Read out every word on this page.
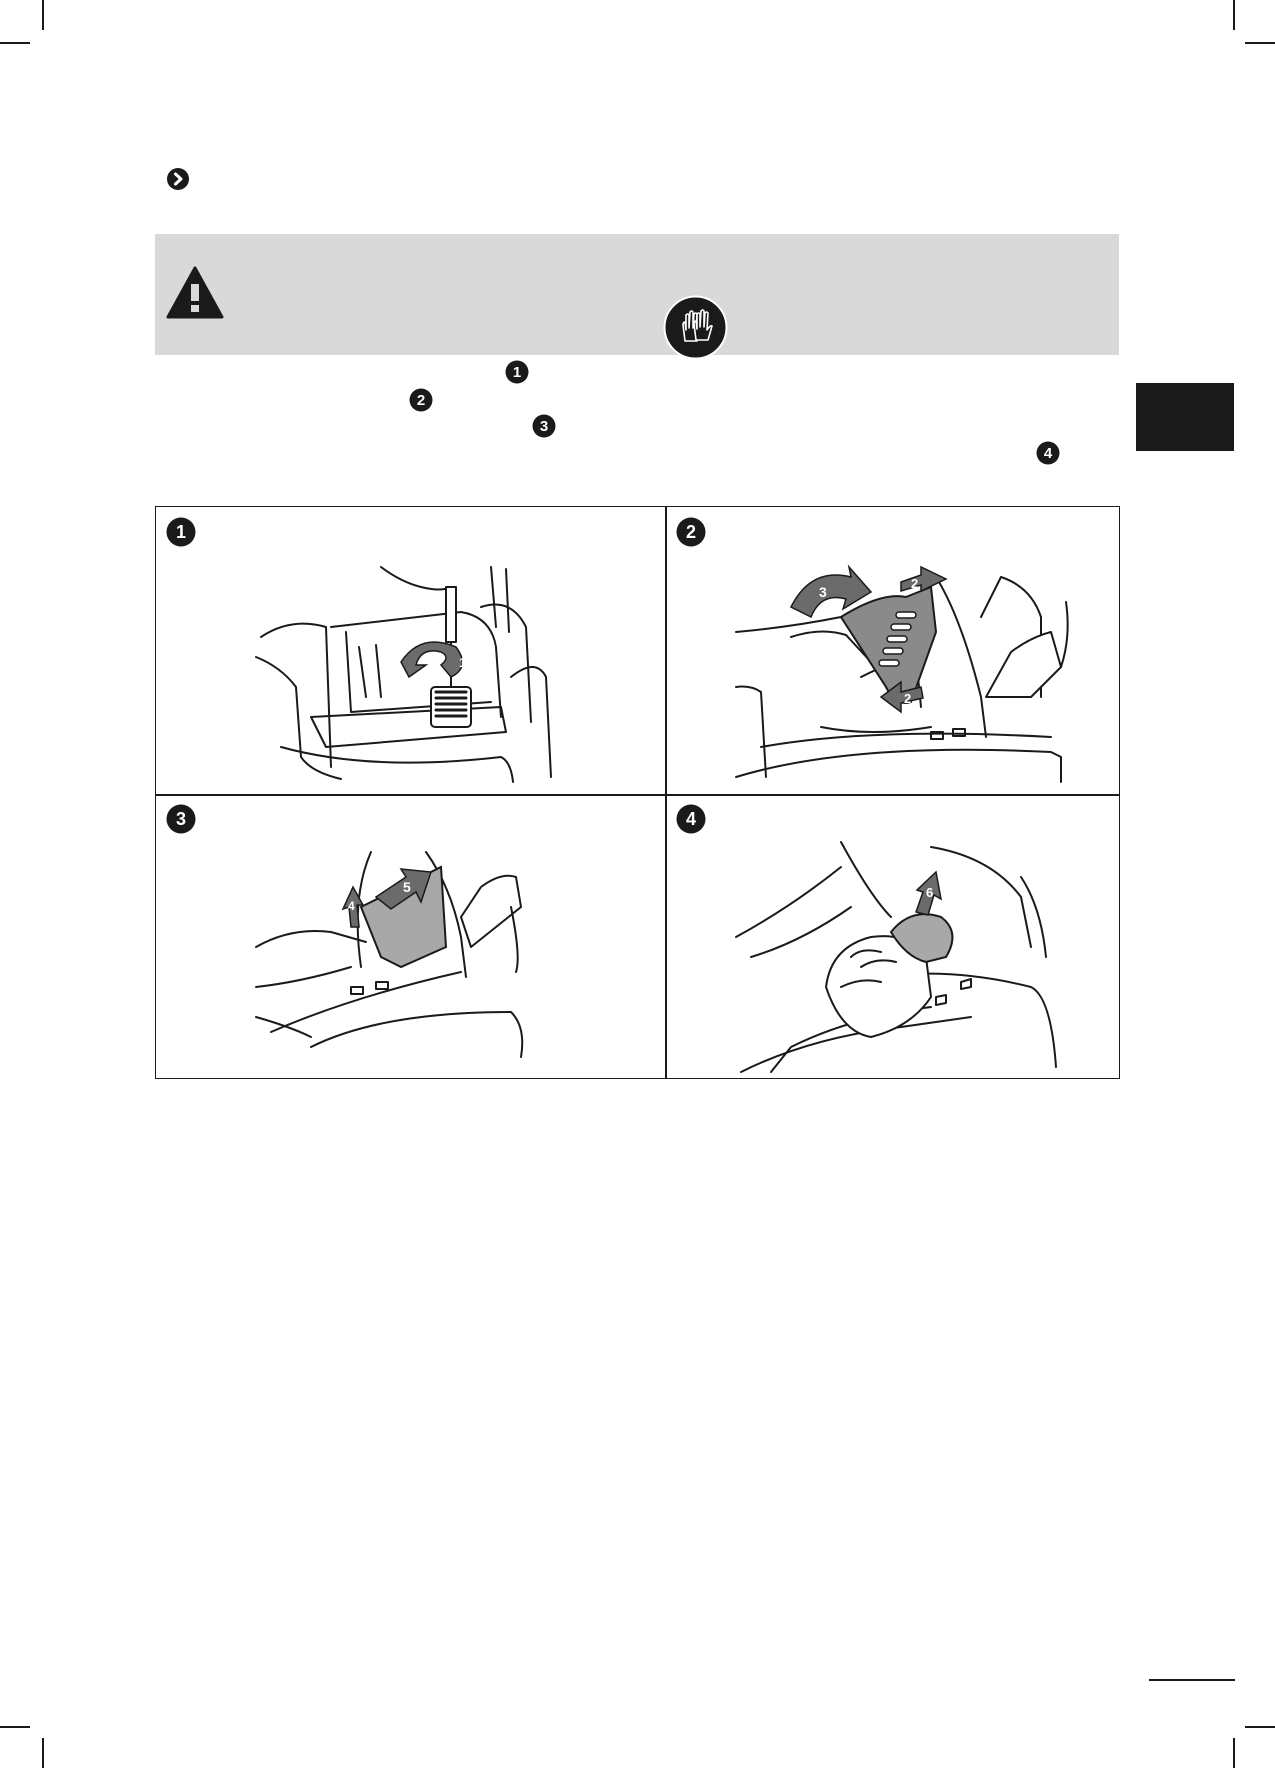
1
2
3
4
1
1
2
3
2
2
3
5
4
4
6
